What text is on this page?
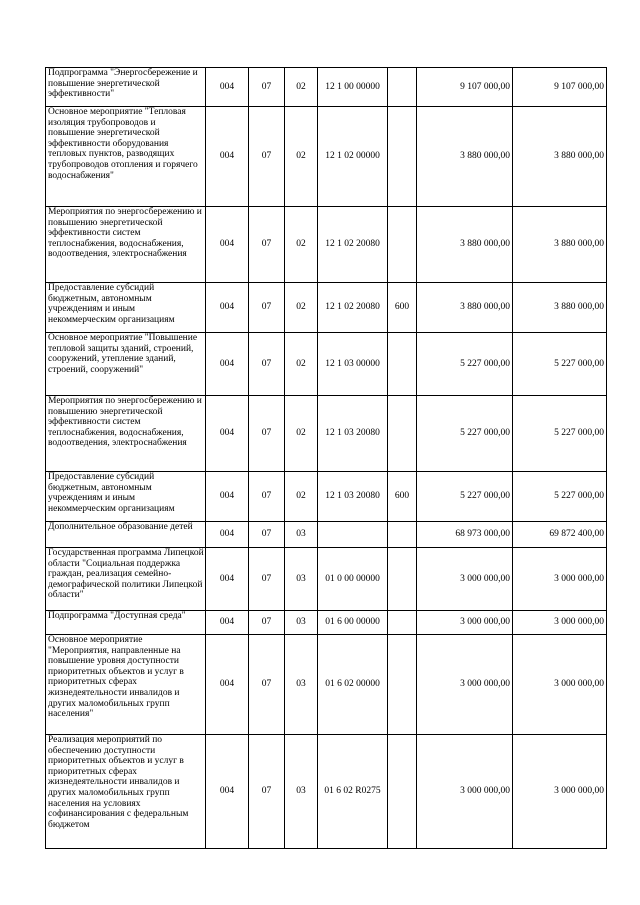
Подпрограмма "Энергосбережение и повышение энергетической эффективности"	004	07	02	12 1 00 00000		9 107 000,00	9 107 000,00
Основное мероприятие "Тепловая изоляция трубопроводов и повышение энергетической эффективности оборудования тепловых пунктов, разводящих трубопроводов отопления и горячего водоснабжения"	004	07	02	12 1 02 00000		3 880 000,00	3 880 000,00
Мероприятия по энергосбережению и повышению энергетической эффективности систем теплоснабжения, водоснабжения, водоотведения, электроснабжения	004	07	02	12 1 02 20080		3 880 000,00	3 880 000,00
Предоставление субсидий бюджетным, автономным учреждениям и иным некоммерческим организациям	004	07	02	12 1 02 20080	600	3 880 000,00	3 880 000,00
Основное мероприятие "Повышение тепловой защиты зданий, строений, сооружений, утепление зданий, строений, сооружений"	004	07	02	12 1 03 00000		5 227 000,00	5 227 000,00
Мероприятия по энергосбережению и повышению энергетической эффективности систем теплоснабжения, водоснабжения, водоотведения, электроснабжения	004	07	02	12 1 03 20080		5 227 000,00	5 227 000,00
Предоставление субсидий бюджетным, автономным учреждениям и иным некоммерческим организациям	004	07	02	12 1 03 20080	600	5 227 000,00	5 227 000,00
Дополнительное образование детей	004	07	03			68 973 000,00	69 872 400,00
Государственная программа Липецкой области "Социальная поддержка граждан, реализация семейно-демографической политики Липецкой области"	004	07	03	01 0 00 00000		3 000 000,00	3 000 000,00
Подпрограмма "Доступная среда"	004	07	03	01 6 00 00000		3 000 000,00	3 000 000,00
Основное мероприятие "Мероприятия, направленные на повышение уровня доступности приоритетных объектов и услуг в приоритетных сферах жизнедеятельности инвалидов и других маломобильных групп населения"	004	07	03	01 6 02 00000		3 000 000,00	3 000 000,00
Реализация мероприятий по обеспечению доступности приоритетных объектов и услуг в приоритетных сферах жизнедеятельности инвалидов и других маломобильных групп населения на условиях софинансирования с федеральным бюджетом	004	07	03	01 6 02 R0275		3 000 000,00	3 000 000,00
